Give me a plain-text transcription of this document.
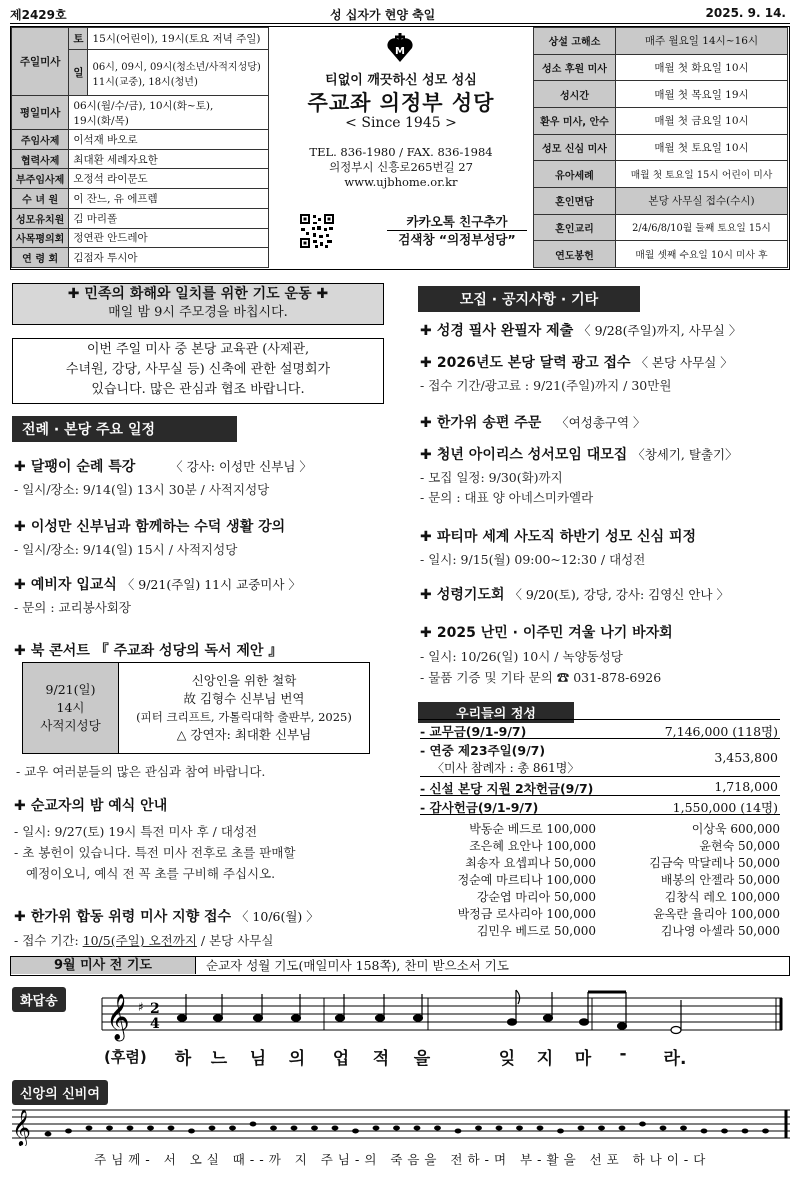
제2429호	성 십자가 현양 축일	2025. 9. 14.
주일미사	토	15시(어린이), 19시(토요 저녁 주일)
	일	06시, 09시, 09시(청소년/사적지성당)
11시(교중), 18시(청년)

평일미사	06시(월/수/금), 10시(화~토),
19시(화/목)	

주임사제	이석재 바오로	
협력사제	최대환 세례자요한	
부주임사제	오정석 라이문도	
수 녀 원	이 잔느, 유 에프렘	
성모유치원	김 마리폴	
사목평의회	정연관 안드레아	
연 령 회	김점자 투시아	
M
티없이 깨끗하신 성모 성심
주교좌 의정부 성당
< Since 1945 >
TEL. 836-1980 / FAX. 836-1984
의정부시 신흥로265번길 27
www.ujbhome.or.kr
카카오톡 친구추가
검색창 “의정부성당”
상설 고해소	매주 월요일 14시~16시
성소 후원 미사	매월 첫 화요일 10시
성시간	매월 첫 목요일 19시
환우 미사, 안수	매월 첫 금요일 10시
성모 신심 미사	매월 첫 토요일 10시
유아세례	매월 첫 토요일 15시 어린이 미사
혼인면담	본당 사무실 접수(수시)
혼인교리	2/4/6/8/10월 둘째 토요일 15시
연도봉헌	매월 셋째 수요일 10시 미사 후
✚ 민족의 화해와 일치를 위한 기도 운동 ✚
매일 밤 9시 주모경을 바칩시다.
이번 주일 미사 중 본당 교육관 (사제관,
수녀원, 강당, 사무실 등) 신축에 관한 설명회가
있습니다. 많은 관심과 협조 바랍니다.
전례 · 본당 주요 일정
✚ 달팽이 순례 특강	〈 강사: 이성만 신부님 〉
- 일시/장소: 9/14(일) 13시 30분 / 사적지성당
✚ 이성만 신부님과 함께하는 수덕 생활 강의
- 일시/장소: 9/14(일) 15시 / 사적지성당
✚ 예비자 입교식 〈 9/21(주일) 11시 교중미사 〉
- 문의 : 교리봉사회장
✚ 북 콘서트 『 주교좌 성당의 독서 제안 』
9/21(일)
14시
사적지성당

신앙인을 위한 철학
故 김형수 신부님 번역
(피터 크리프트, 가톨릭대학 출판부, 2025)
△ 강연자: 최대환 신부님
- 교우 여러분들의 많은 관심과 참여 바랍니다.
✚ 순교자의 밤 예식 안내
- 일시: 9/27(토) 19시 특전 미사 후 / 대성전
- 초 봉헌이 있습니다. 특전 미사 전후로 초를 판매할
예정이오니, 예식 전 꼭 초를 구비해 주십시오.
✚ 한가위 합동 위령 미사 지향 접수 〈 10/6(월) 〉
- 접수 기간: 10/5(주일) 오전까지 / 본당 사무실
모집 · 공지사항 · 기타
✚ 성경 필사 완필자 제출 〈 9/28(주일)까지, 사무실 〉
✚ 2026년도 본당 달력 광고 접수 〈 본당 사무실 〉
- 접수 기간/광고료 : 9/21(주일)까지 / 30만원
✚ 한가위 송편 주문 〈여성총구역 〉
✚ 청년 아이리스 성서모임 대모집 〈창세기, 탈출기〉
- 모집 일정: 9/30(화)까지
- 문의 : 대표 양 아네스미카엘라
✚ 파티마 세계 사도직 하반기 성모 신심 피정
- 일시: 9/15(월) 09:00~12:30 / 대성전
✚ 성령기도회 〈 9/20(토), 강당, 강사: 김영신 안나 〉
✚ 2025 난민 · 이주민 겨울 나기 바자회
- 일시: 10/26(일) 10시 / 녹양동성당
- 물품 기증 및 기타 문의 ☎ 031-878-6926
우리들의 정성
- 교무금(9/1-9/7)	7,146,000 (118명)
- 연중 제23주일(9/7)	3,453,800
〈미사 참례자 : 총 861명〉
- 신설 본당 지원 2차헌금(9/7)	1,718,000
- 감사헌금(9/1-9/7)	1,550,000 (14명)
박동순 베드로 100,000	이상욱 600,000
조은혜 요안나 100,000	윤현숙 50,000
최송자 요셉피나 50,000	김금숙 막달레나 50,000
정순예 마르티나 100,000	배봉의 안젤라 50,000
강순엽 마리아 50,000	김창식 레오 100,000
박정금 로사리아 100,000	윤옥란 율리아 100,000
김민우 베드로 50,000	김나영 아셀라 50,000
9월 미사 전 기도	순교자 성월 기도(매일미사 158쪽), 찬미 받으소서 기도
화답송 𝄞 ♯ 2
4
(후렴) 하 느 님 의 업 적 을	잊 지 마 - 라.
신앙의 신비여
𝄞
주 님 께 -   서   오 실   때 - - 까   지   주 님 - 의   죽 음 을   전 하 - 며   부 - 활 을   선 포   하 나 이 - 다
